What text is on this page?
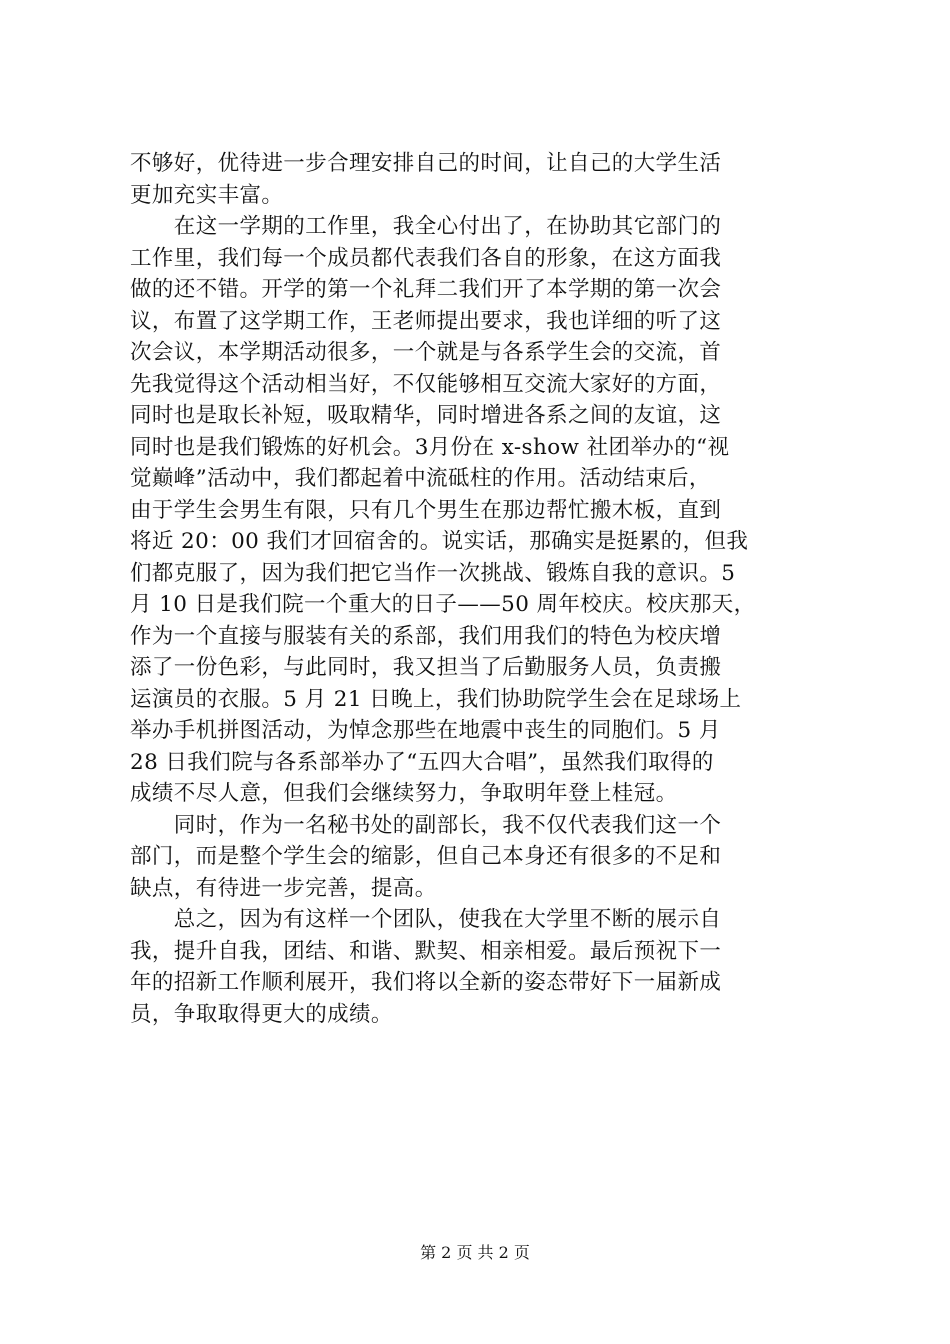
不够好，优待进一步合理安排自己的时间，让自己的大学生活
更加充实丰富。
　　在这一学期的工作里，我全心付出了，在协助其它部门的
工作里，我们每一个成员都代表我们各自的形象，在这方面我
做的还不错。开学的第一个礼拜二我们开了本学期的第一次会
议，布置了这学期工作，王老师提出要求，我也详细的听了这
次会议，本学期活动很多，一个就是与各系学生会的交流，首
先我觉得这个活动相当好，不仅能够相互交流大家好的方面，
同时也是取长补短，吸取精华，同时增进各系之间的友谊，这
同时也是我们锻炼的好机会。3月份在 x-show 社团举办的“视
觉巅峰”活动中，我们都起着中流砥柱的作用。活动结束后，
由于学生会男生有限，只有几个男生在那边帮忙搬木板，直到
将近 20：00 我们才回宿舍的。说实话，那确实是挺累的，但我
们都克服了，因为我们把它当作一次挑战、锻炼自我的意识。5
月 10 日是我们院一个重大的日子——50 周年校庆。校庆那天，
作为一个直接与服装有关的系部，我们用我们的特色为校庆增
添了一份色彩，与此同时，我又担当了后勤服务人员，负责搬
运演员的衣服。5 月 21 日晚上，我们协助院学生会在足球场上
举办手机拼图活动，为悼念那些在地震中丧生的同胞们。5 月
28 日我们院与各系部举办了“五四大合唱”，虽然我们取得的
成绩不尽人意，但我们会继续努力，争取明年登上桂冠。
　　同时，作为一名秘书处的副部长，我不仅代表我们这一个
部门，而是整个学生会的缩影，但自己本身还有很多的不足和
缺点，有待进一步完善，提高。
　　总之，因为有这样一个团队，使我在大学里不断的展示自
我，提升自我，团结、和谐、默契、相亲相爱。最后预祝下一
年的招新工作顺利展开，我们将以全新的姿态带好下一届新成
员，争取取得更大的成绩。
第 2 页 共 2 页
